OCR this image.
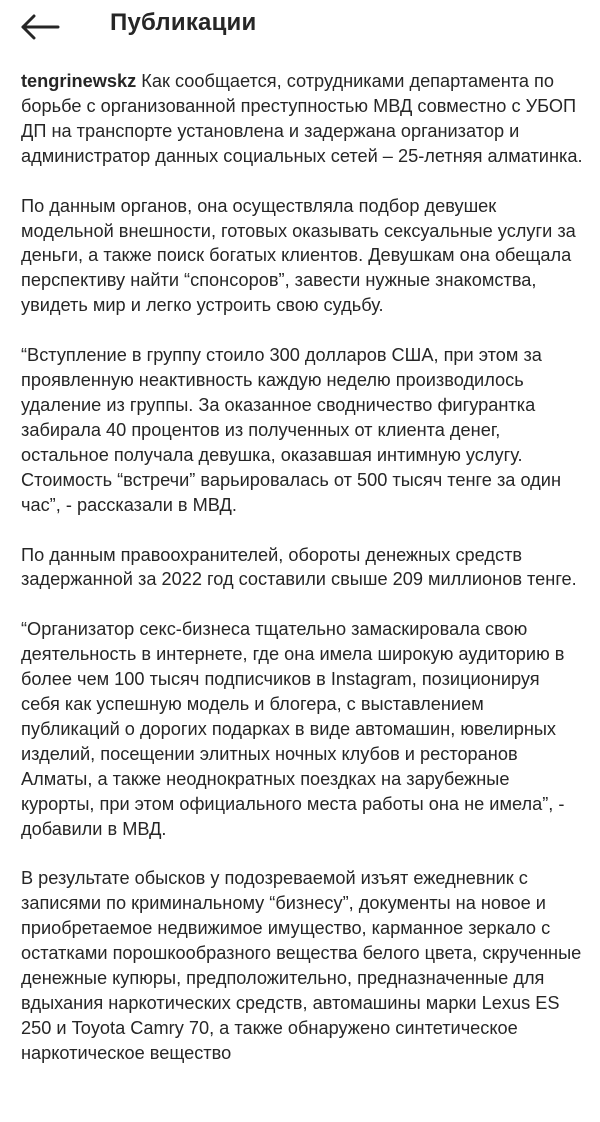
Публикации

tengrinewskz Как сообщается, сотрудниками департамента по борьбе с организованной преступностью МВД совместно с УБОП ДП на транспорте установлена и задержана организатор и администратор данных социальных сетей – 25-летняя алматинка.

По данным органов, она осуществляла подбор девушек модельной внешности, готовых оказывать сексуальные услуги за деньги, а также поиск богатых клиентов. Девушкам она обещала перспективу найти “спонсоров”, завести нужные знакомства, увидеть мир и легко устроить свою судьбу.

“Вступление в группу стоило 300 долларов США, при этом за проявленную неактивность каждую неделю производилось удаление из группы. За оказанное сводничество фигурантка забирала 40 процентов из полученных от клиента денег, остальное получала девушка, оказавшая интимную услугу. Стоимость “встречи” варьировалась от 500 тысяч тенге за один час”, - рассказали в МВД.

По данным правоохранителей, обороты денежных средств задержанной за 2022 год составили свыше 209 миллионов тенге.

“Организатор секс-бизнеса тщательно замаскировала свою деятельность в интернете, где она имела широкую аудиторию в более чем 100 тысяч подписчиков в Instagram, позиционируя себя как успешную модель и блогера, с выставлением публикаций о дорогих подарках в виде автомашин, ювелирных изделий, посещении элитных ночных клубов и ресторанов Алматы, а также неоднократных поездках на зарубежные курорты, при этом официального места работы она не имела”, - добавили в МВД.

В результате обысков у подозреваемой изъят ежедневник с записями по криминальному “бизнесу”, документы на новое и приобретаемое недвижимое имущество, карманное зеркало с остатками порошкообразного вещества белого цвета, скрученные денежные купюры, предположительно, предназначенные для вдыхания наркотических средств, автомашины марки Lexus ES 250 и Toyota Camry 70, а также обнаружено синтетическое наркотическое вещество
